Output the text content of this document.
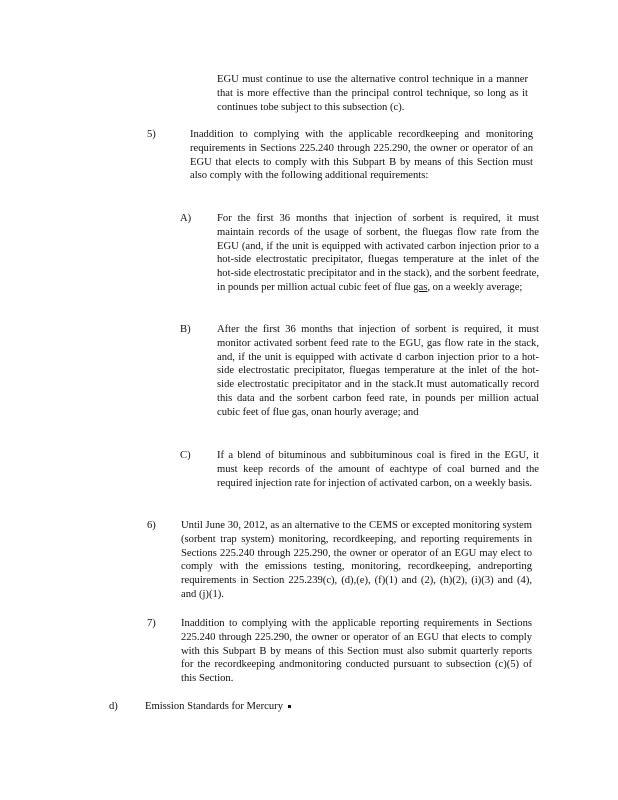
EGU must continue to use the alternative control technique in a manner that is more effective than the principal control technique, so long as it continues tobe subject to this subsection (c).
5)	Inaddition to complying with the applicable recordkeeping and monitoring requirements in Sections 225.240 through 225.290, the owner or operator of an EGU that elects to comply with this Subpart B by means of this Section must also comply with the following additional requirements:
A) For the first 36 months that injection of sorbent is required, it must maintain records of the usage of sorbent, the fluegas flow rate from the EGU (and, if the unit is equipped with activated carbon injection prior to a hot-side electrostatic precipitator, fluegas temperature at the inlet of the hot-side electrostatic precipitator and in the stack), and the sorbent feedrate, in pounds per million actual cubic feet of flue gas, on a weekly average;
B) After the first 36 months that injection of sorbent is required, it must monitor activated sorbent feed rate to the EGU, gas flow rate in the stack, and, if the unit is equipped with activate d carbon injection prior to a hot-side electrostatic precipitator, fluegas temperature at the inlet of the hot-side electrostatic precipitator and in the stack.It must automatically record this data and the sorbent carbon feed rate, in pounds per million actual cubic feet of flue gas, onan hourly average; and
C) If a blend of bituminous and subbituminous coal is fired in the EGU, it must keep records of the amount of eachtype of coal burned and the required injection rate for injection of activated carbon, on a weekly basis.
6) Until June 30, 2012, as an alternative to the CEMS or excepted monitoring system (sorbent trap system) monitoring, recordkeeping, and reporting requirements in Sections 225.240 through 225.290, the owner or operator of an EGU may elect to comply with the emissions testing, monitoring, recordkeeping, andreporting requirements in Section 225.239(c), (d),(e), (f)(1) and (2), (h)(2), (i)(3) and (4), and (j)(1).
7) Inaddition to complying with the applicable reporting requirements in Sections 225.240 through 225.290, the owner or operator of an EGU that elects to comply with this Subpart B by means of this Section must also submit quarterly reports for the recordkeeping andmonitoring conducted pursuant to subsection (c)(5) of this Section.
d)	Emission Standards for Mercury
